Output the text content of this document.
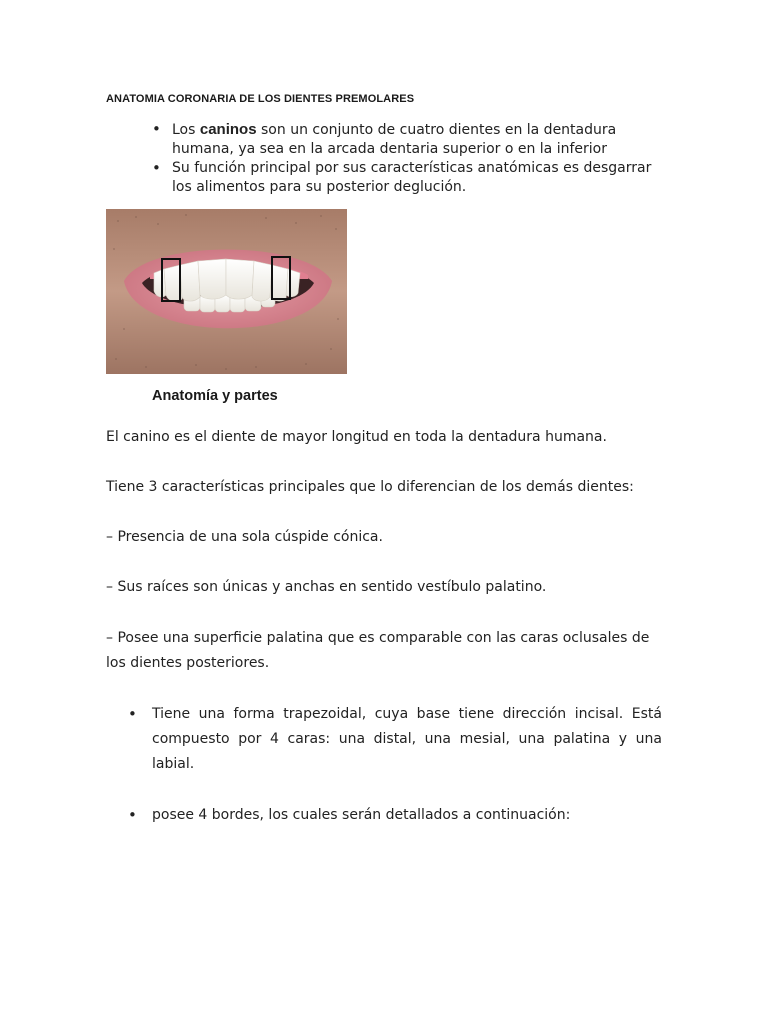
ANATOMIA CORONARIA DE LOS DIENTES PREMOLARES
• Los caninos son un conjunto de cuatro dientes en la dentadura humana, ya sea en la arcada dentaria superior o en la inferior
• Su función principal por sus características anatómicas es desgarrar los alimentos para su posterior deglución.
Anatomía y partes

El canino es el diente de mayor longitud en toda la dentadura humana.

Tiene 3 características principales que lo diferencian de los demás dientes:

– Presencia de una sola cúspide cónica.

– Sus raíces son únicas y anchas en sentido vestíbulo palatino.

– Posee una superficie palatina que es comparable con las caras oclusales de los dientes posteriores.

• Tiene una forma trapezoidal, cuya base tiene dirección incisal. Está compuesto por 4 caras: una distal, una mesial, una palatina y una labial.
• posee 4 bordes, los cuales serán detallados a continuación:
